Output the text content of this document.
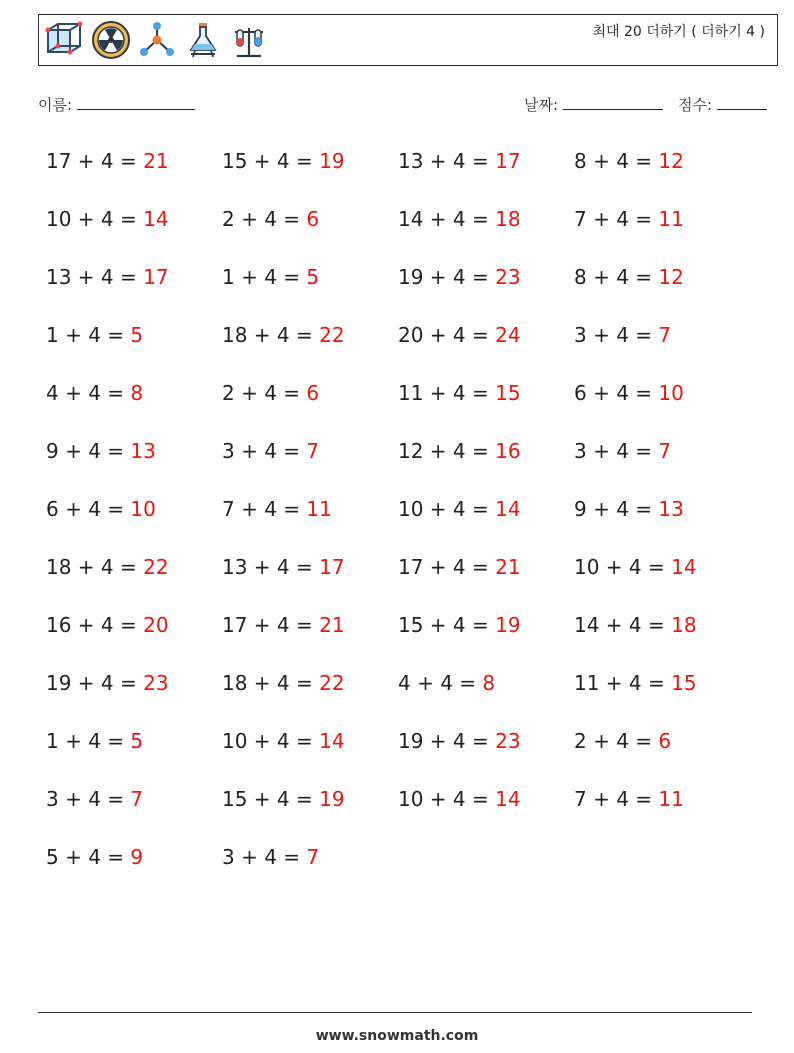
최대 20 더하기 ( 더하기 4 )
이름:	날짜:	점수:
17 + 4 = 21	15 + 4 = 19	13 + 4 = 17	8 + 4 = 12
10 + 4 = 14	2 + 4 = 6	14 + 4 = 18	7 + 4 = 11
13 + 4 = 17	1 + 4 = 5	19 + 4 = 23	8 + 4 = 12
1 + 4 = 5	18 + 4 = 22	20 + 4 = 24	3 + 4 = 7
4 + 4 = 8	2 + 4 = 6	11 + 4 = 15	6 + 4 = 10
9 + 4 = 13	3 + 4 = 7	12 + 4 = 16	3 + 4 = 7
6 + 4 = 10	7 + 4 = 11	10 + 4 = 14	9 + 4 = 13
18 + 4 = 22	13 + 4 = 17	17 + 4 = 21	10 + 4 = 14
16 + 4 = 20	17 + 4 = 21	15 + 4 = 19	14 + 4 = 18
19 + 4 = 23	18 + 4 = 22	4 + 4 = 8	11 + 4 = 15
1 + 4 = 5	10 + 4 = 14	19 + 4 = 23	2 + 4 = 6
3 + 4 = 7	15 + 4 = 19	10 + 4 = 14	7 + 4 = 11
5 + 4 = 9	3 + 4 = 7
www.snowmath.com
